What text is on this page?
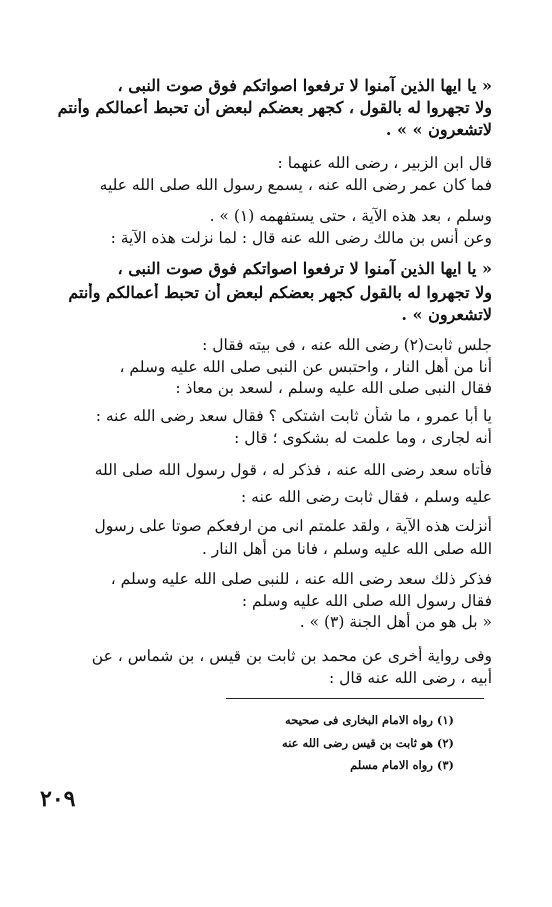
« يا ايها الذين آمنوا لا ترفعوا اصواتكم فوق صوت النبى ،
ولا تجهروا له بالقول ، كجهر بعضكم لبعض أن تحبط أعمالكم وأنتم
لاتشعرون » » .
قال ابن الزبير ، رضى الله عنهما :
فما كان عمر رضى الله عنه ، يسمع رسول الله صلى الله عليه
وسلم ، بعد هذه الآية ، حتى يستفهمه (١) » .
وعن أنس بن مالك رضى الله عنه قال : لما نزلت هذه الآية :
« يا ايها الذين آمنوا لا ترفعوا اصواتكم فوق صوت النبى ،
ولا تجهروا له بالقول كجهر بعضكم لبعض أن تحبط أعمالكم وأنتم
لاتشعرون » .
جلس ثابت(٢) رضى الله عنه ، فى بيته فقال :
أنا من أهل النار ، واحتبس عن النبى صلى الله عليه وسلم ،
فقال النبى صلى الله عليه وسلم ، لسعد بن معاذ :
يا أبا عمرو ، ما شأن ثابت اشتكى ؟ فقال سعد رضى الله عنه :
أنه لجارى ، وما علمت له بشكوى ؛ قال :
فأتاه سعد رضى الله عنه ، فذكر له ، قول رسول الله صلى الله
عليه وسلم ، فقال ثابت رضى الله عنه :
أنزلت هذه الآية ، ولقد علمتم انى من ارفعكم صوتا على رسول
الله صلى الله عليه وسلم ، فانا من أهل النار .
فذكر ذلك سعد رضى الله عنه ، للنبى صلى الله عليه وسلم ،
فقال رسول الله صلى الله عليه وسلم :
« بل هو من أهل الجنة (٣) » .
وفى رواية أخرى عن محمد بن ثابت بن قيس ، بن شماس ، عن
أبيه ، رضى الله عنه قال :
(١) رواه الامام البخارى فى صحيحه
(٢) هو ثابت بن قيس رضى الله عنه
(٣) رواه الامام مسلم
٢٠٩
